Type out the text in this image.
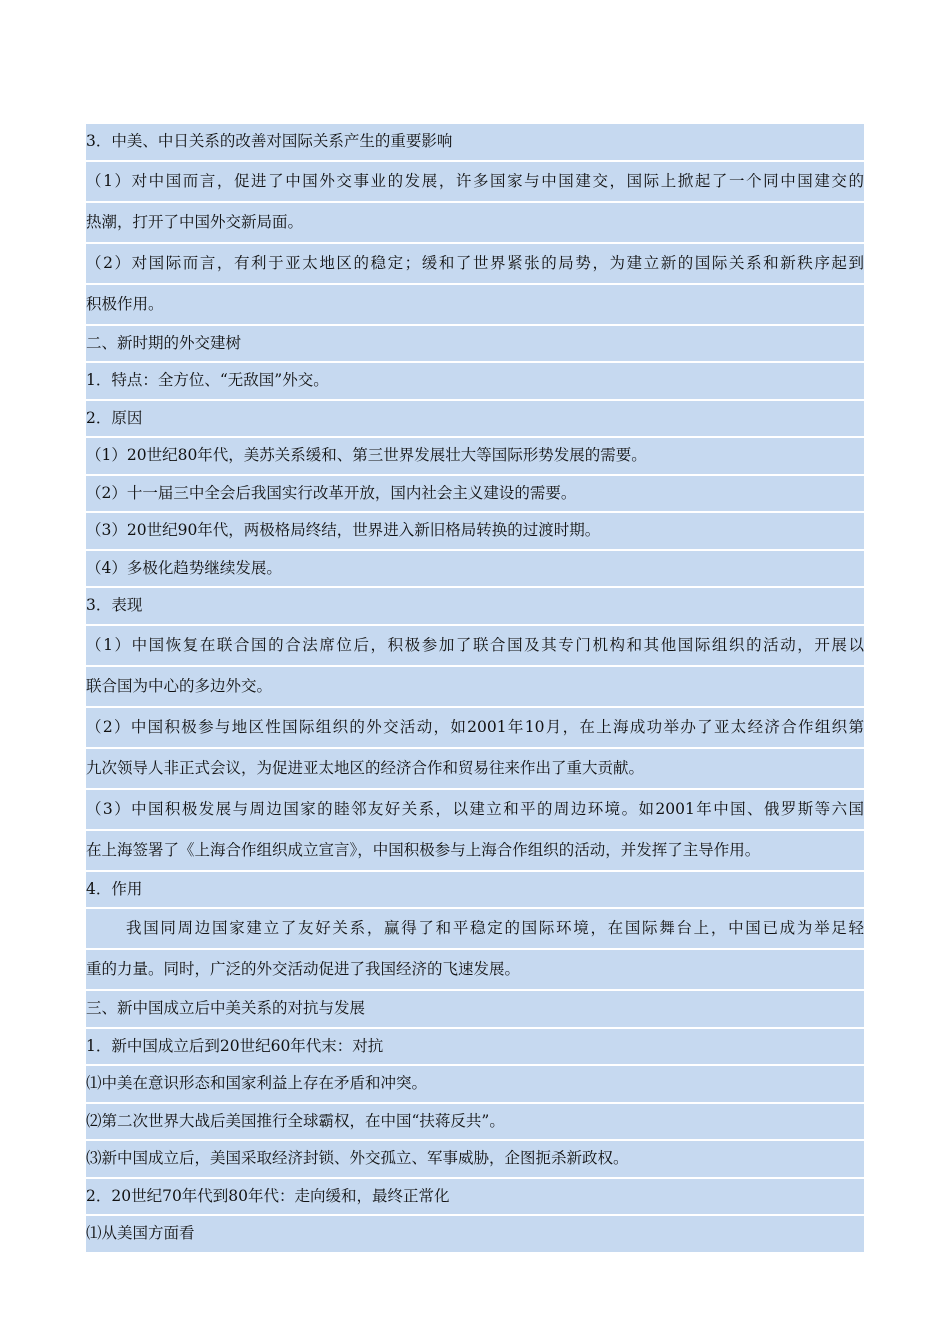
3．中美、中日关系的改善对国际关系产生的重要影响
（1）对中国而言，促进了中国外交事业的发展，许多国家与中国建交，国际上掀起了一个同中国建交的
热潮，打开了中国外交新局面。
（2）对国际而言，有利于亚太地区的稳定；缓和了世界紧张的局势，为建立新的国际关系和新秩序起到
积极作用。
二、新时期的外交建树
1．特点：全方位、“无敌国”外交。
2．原因
（1）20世纪80年代，美苏关系缓和、第三世界发展壮大等国际形势发展的需要。
（2）十一届三中全会后我国实行改革开放，国内社会主义建设的需要。
（3）20世纪90年代，两极格局终结，世界进入新旧格局转换的过渡时期。
（4）多极化趋势继续发展。
3．表现
（1）中国恢复在联合国的合法席位后，积极参加了联合国及其专门机构和其他国际组织的活动，开展以
联合国为中心的多边外交。
（2）中国积极参与地区性国际组织的外交活动，如2001年10月，在上海成功举办了亚太经济合作组织第
九次领导人非正式会议，为促进亚太地区的经济合作和贸易往来作出了重大贡献。
（3）中国积极发展与周边国家的睦邻友好关系，以建立和平的周边环境。如2001年中国、俄罗斯等六国
在上海签署了《上海合作组织成立宣言》，中国积极参与上海合作组织的活动，并发挥了主导作用。
4．作用
我国同周边国家建立了友好关系，赢得了和平稳定的国际环境，在国际舞台上，中国已成为举足轻
重的力量。同时，广泛的外交活动促进了我国经济的飞速发展。
三、新中国成立后中美关系的对抗与发展
1．新中国成立后到20世纪60年代末：对抗
⑴中美在意识形态和国家利益上存在矛盾和冲突。
⑵第二次世界大战后美国推行全球霸权，在中国“扶蒋反共”。
⑶新中国成立后，美国采取经济封锁、外交孤立、军事威胁，企图扼杀新政权。
2．20世纪70年代到80年代：走向缓和，最终正常化
⑴从美国方面看
